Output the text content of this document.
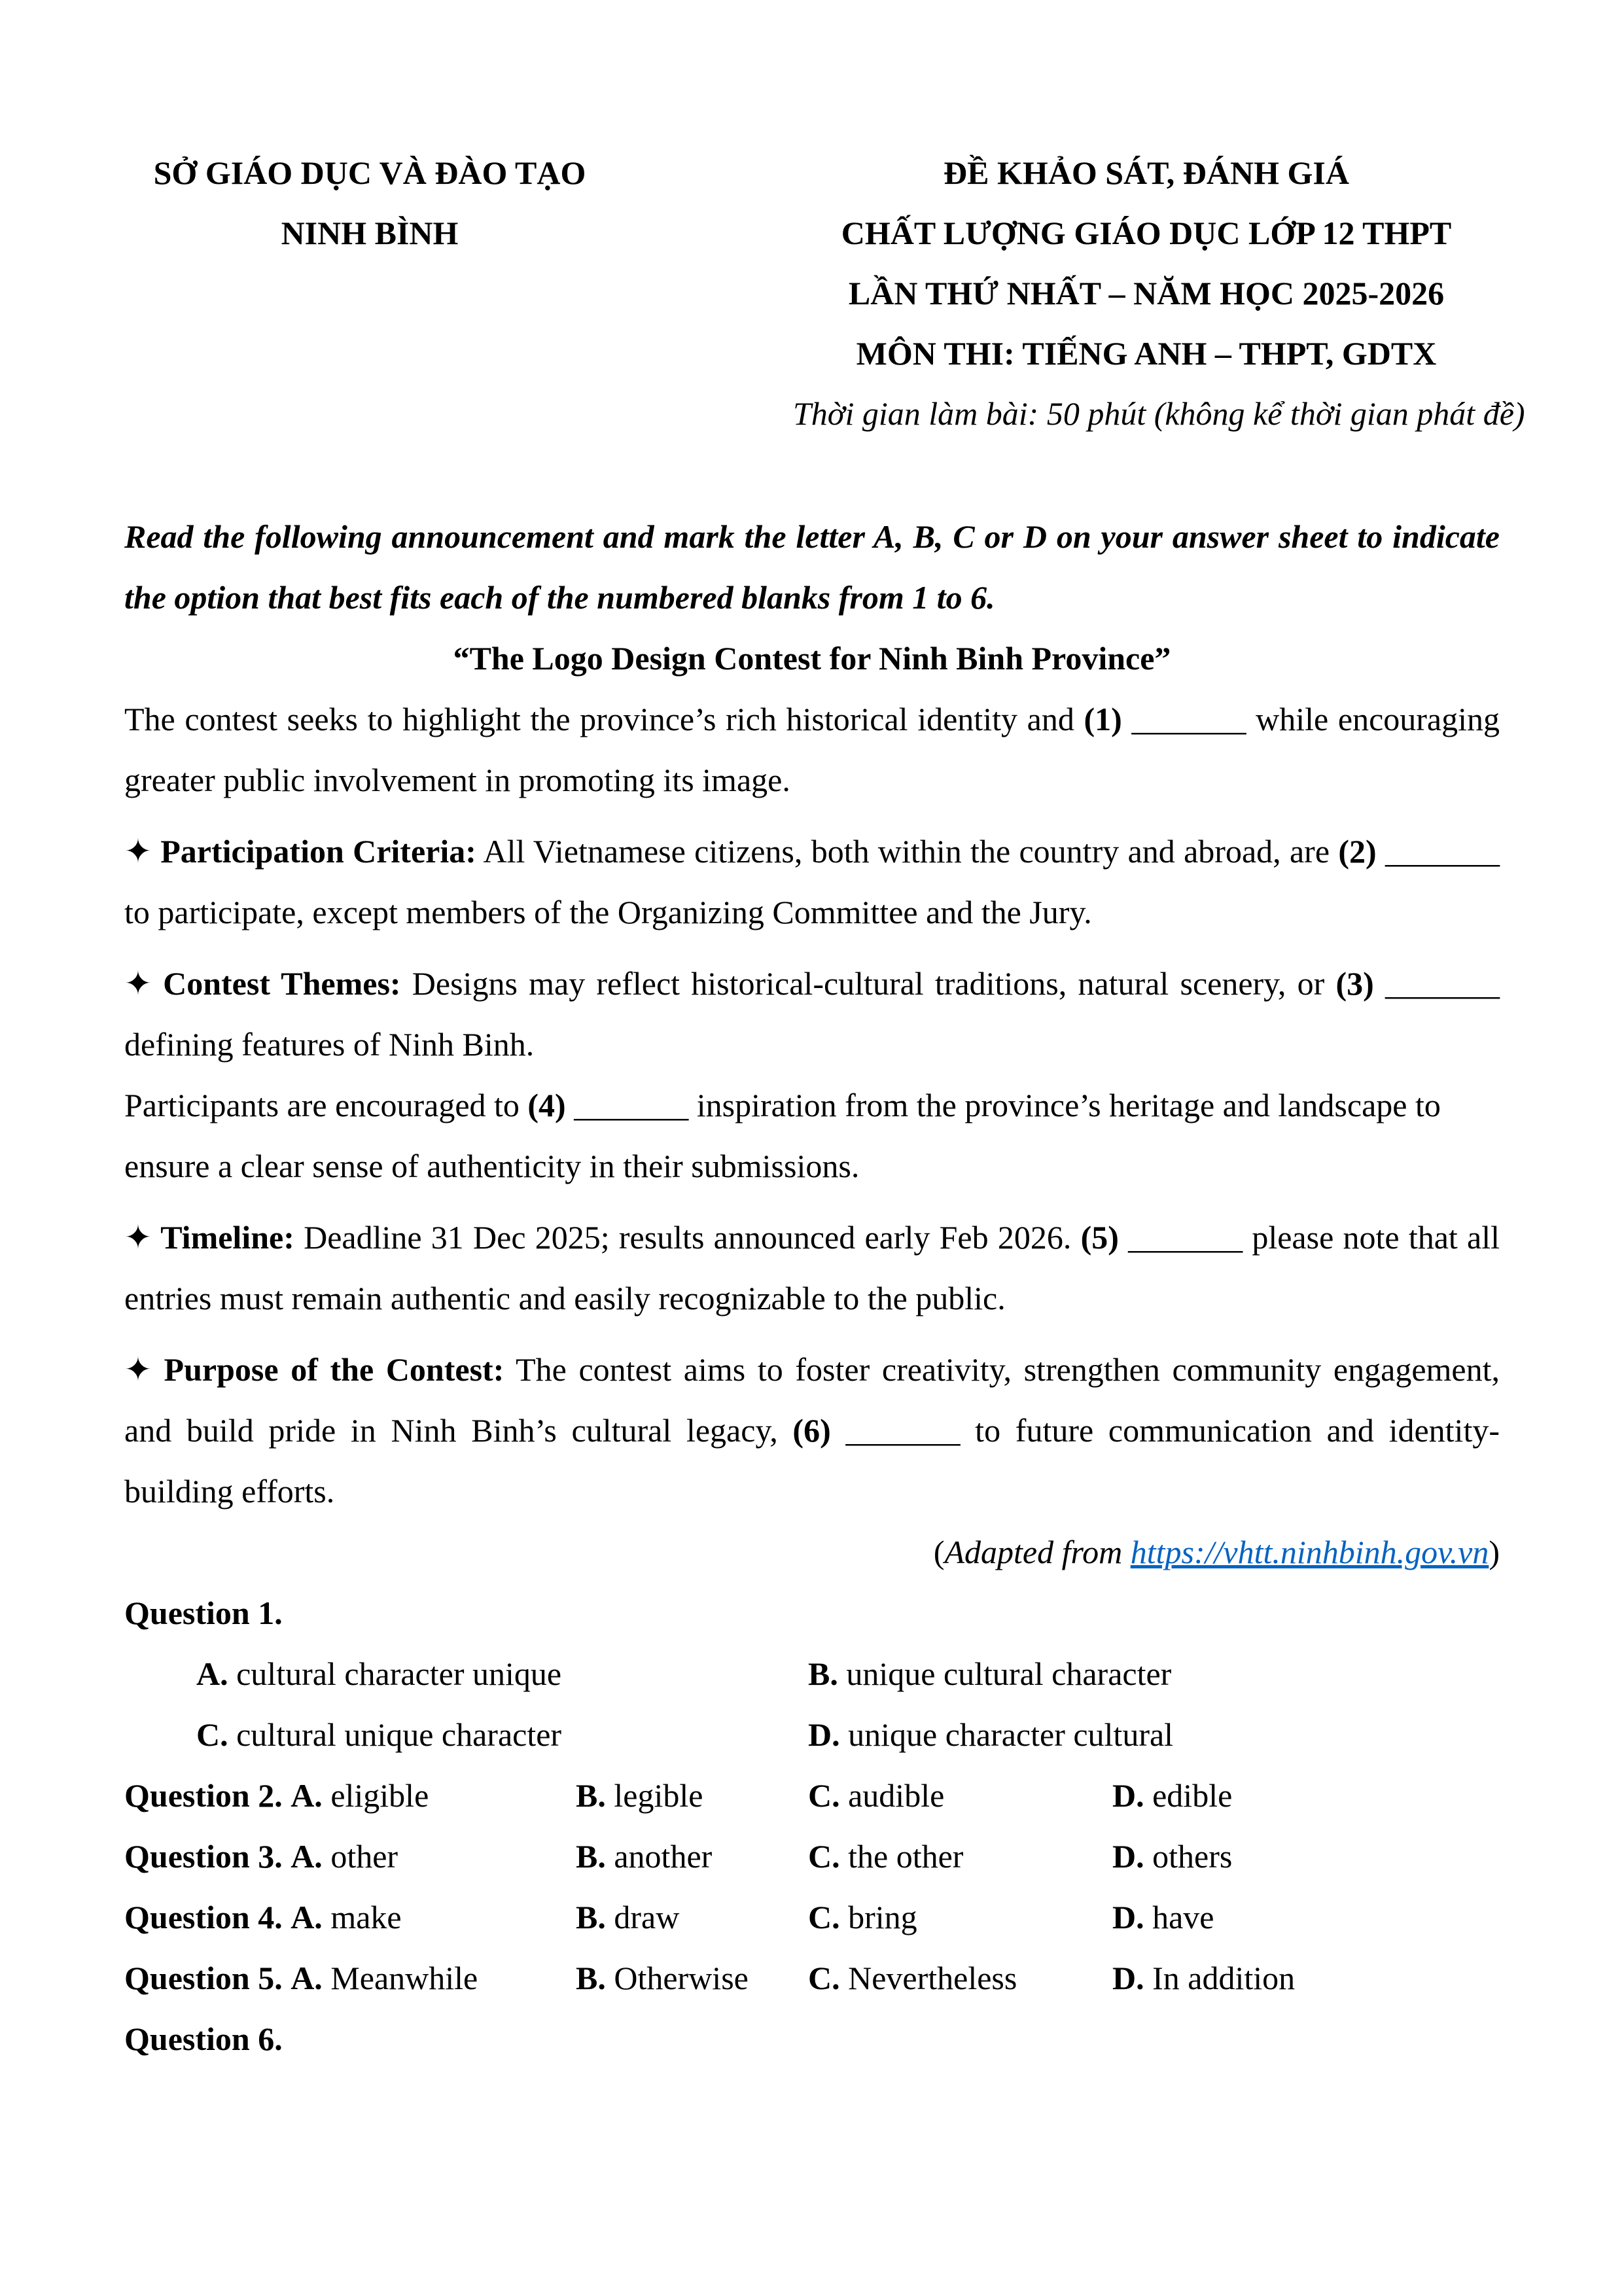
SỞ GIÁO DỤC VÀ ĐÀO TẠO
NINH BÌNH
ĐỀ KHẢO SÁT, ĐÁNH GIÁ
CHẤT LƯỢNG GIÁO DỤC LỚP 12 THPT
LẦN THỨ NHẤT – NĂM HỌC 2025-2026
MÔN THI: TIẾNG ANH – THPT, GDTX
Thời gian làm bài: 50 phút (không kể thời gian phát đề)

Read the following announcement and mark the letter A, B, C or D on your answer sheet to indicate the option that best fits each of the numbered blanks from 1 to 6.

“The Logo Design Contest for Ninh Binh Province”

The contest seeks to highlight the province’s rich historical identity and (1) _______ while encouraging greater public involvement in promoting its image.

✦ Participation Criteria: All Vietnamese citizens, both within the country and abroad, are (2) _______ to participate, except members of the Organizing Committee and the Jury.

✦ Contest Themes: Designs may reflect historical-cultural traditions, natural scenery, or (3) _______ defining features of Ninh Binh.

Participants are encouraged to (4) _______ inspiration from the province’s heritage and landscape to

ensure a clear sense of authenticity in their submissions.

✦ Timeline: Deadline 31 Dec 2025; results announced early Feb 2026. (5) _______ please note that all entries must remain authentic and easily recognizable to the public.

✦ Purpose of the Contest: The contest aims to foster creativity, strengthen community engagement, and build pride in Ninh Binh’s cultural legacy, (6) _______ to future communication and identity-building efforts.

(Adapted from https://vhtt.ninhbinh.gov.vn)

Question 1.

A. cultural character unique	B. unique cultural character
C. cultural unique character	D. unique character cultural
Question 2. A. eligible	B. legible	C. audible	D. edible
Question 3. A. other	B. another	C. the other	D. others
Question 4. A. make	B. draw	C. bring	D. have
Question 5. A. Meanwhile	B. Otherwise	C. Nevertheless	D. In addition

Question 6.
